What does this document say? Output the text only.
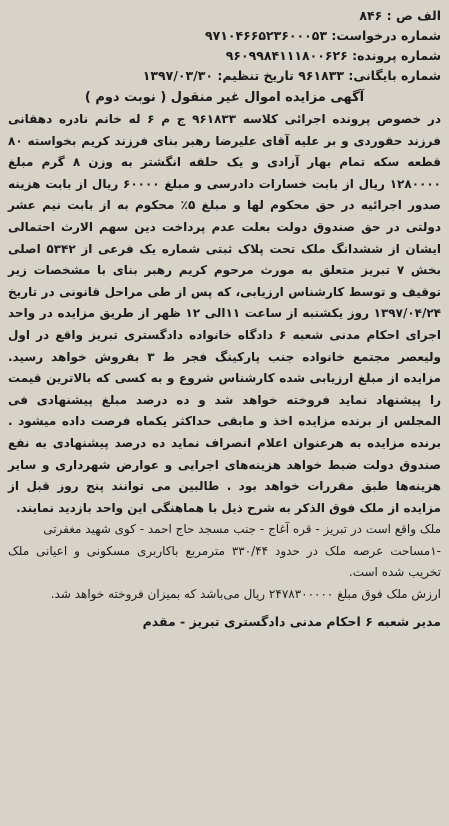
الف ص : ۸۴۶
شماره درخواست: ۹۷۱۰۴۶۶۵۲۳۶۰۰۰۵۳
شماره پرونده: ۹۶۰۹۹۸۴۱۱۱۸۰۰۶۲۶
شماره بایگانی: ۹۶۱۸۳۳ تاریخ تنظیم: ۱۳۹۷/۰۳/۳۰
آگهی مزایده اموال غیر منقول ( نوبت دوم )

در خصوص پرونده اجرائی کلاسه ۹۶۱۸۳۳ ج م ۶ له خانم نادره دهقانی فرزند حقوردی و بر علیه آقای علیرضا رهبر بنای فرزند کریم بخواسته ۸۰ قطعه سکه تمام بهار آزادی و یک حلقه انگشتر به وزن ۸ گرم مبلغ ۱۲۸۰۰۰۰ ریال از بابت خسارات دادرسی و مبلغ ۶۰۰۰۰ ریال از بابت هزینه صدور اجرائیه در حق محکوم لها و مبلغ ۵٪ محکوم به از بابت نیم عشر دولتی در حق صندوق دولت بعلت عدم پرداخت دین سهم الارث احتمالی ایشان از ششدانگ ملک تحت پلاک ثبتی شماره یک فرعی از ۵۳۴۲ اصلی بخش ۷ تبریز متعلق به مورث مرحوم کریم رهبر بنای با مشخصات زیر توقیف و توسط کارشناس ارزیابی، که پس از طی مراحل قانونی در تاریخ ۱۳۹۷/۰۴/۲۴ روز یکشنبه از ساعت ۱۱الی ۱۲ ظهر از طریق مزایده در واحد اجرای احکام مدنی شعبه ۶ دادگاه خانواده دادگستری تبریز واقع در اول ولیعصر مجتمع خانواده جنب پارکینگ فجر ط ۳ بفروش خواهد رسید. مزایده از مبلغ ارزیابی شده کارشناس شروع و به کسی که بالاترین قیمت را پیشنهاد نماید فروخته خواهد شد و ده درصد مبلغ پیشنهادی فی المجلس از برنده مزایده اخذ و مابقی حداکثر یکماه فرصت داده میشود . برنده مزایده به هرعنوان اعلام انصراف نماید ده درصد پیشنهادی به نفع صندوق دولت ضبط خواهد هزینه‌های اجرایی و عوارض شهرداری و سایر هزینه‌ها طبق مقررات خواهد بود . طالبین می توانند پنج روز قبل از مزایده از ملک فوق الذکر به شرح ذیل با هماهنگی این واحد بازدید نمایند.

ملک واقع است در تبریز - قره آغاج - جنب مسجد حاج احمد - کوی شهید مغفرتی

-۱مساحت عرصه ملک در حدود ۳۳۰/۴۴ مترمربع باکاربری مسکونی و اعیانی ملک تخریب شده است.

ارزش ملک فوق مبلغ ۲۴۷۸۳۰۰۰۰۰ ریال می‌باشد که بمیزان فروخته خواهد شد.

مدیر شعبه ۶ احکام مدنی دادگستری تبریز - مقدم
